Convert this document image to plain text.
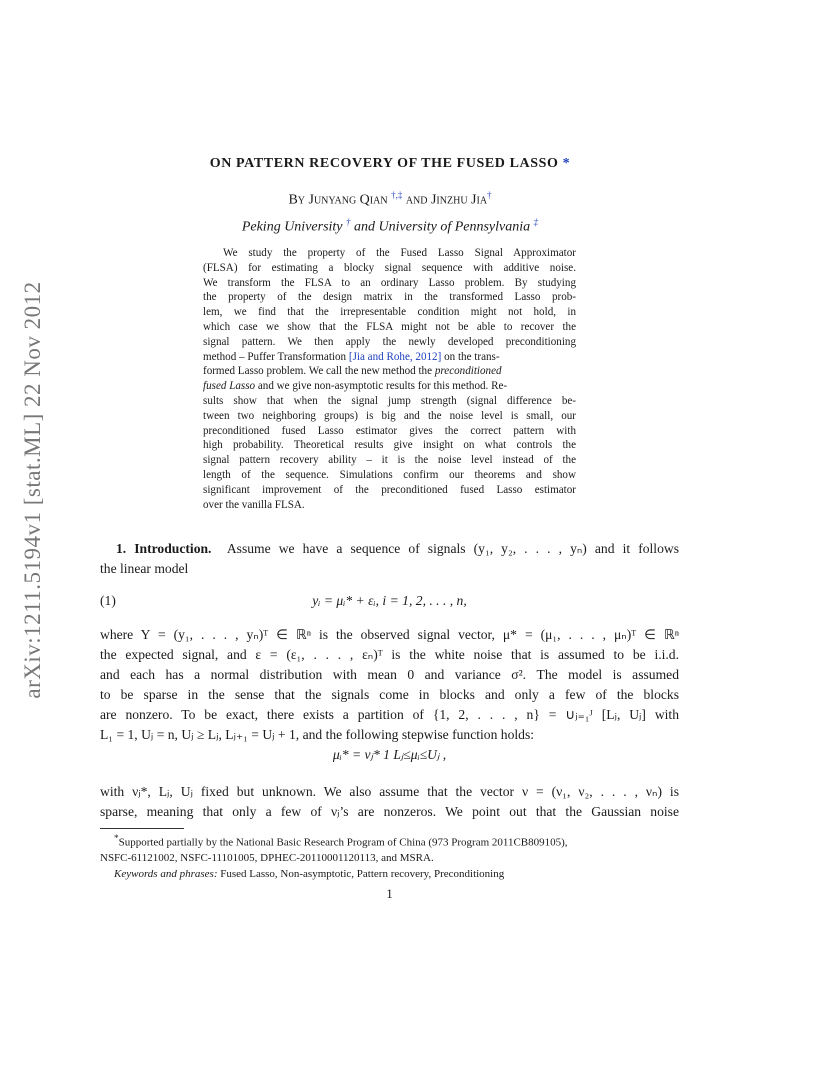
arXiv:1211.5194v1 [stat.ML] 22 Nov 2012
ON PATTERN RECOVERY OF THE FUSED LASSO *
By Junyang Qian †,‡ and Jinzhu Jia†
Peking University † and University of Pennsylvania ‡
We study the property of the Fused Lasso Signal Approximator
(FLSA) for estimating a blocky signal sequence with additive noise.
We transform the FLSA to an ordinary Lasso problem. By studying
the property of the design matrix in the transformed Lasso prob-
lem, we find that the irrepresentable condition might not hold, in
which case we show that the FLSA might not be able to recover the
signal pattern. We then apply the newly developed preconditioning
method – Puffer Transformation [Jia and Rohe, 2012] on the trans-
formed Lasso problem. We call the new method the preconditioned
fused Lasso and we give non-asymptotic results for this method. Re-
sults show that when the signal jump strength (signal difference be-
tween two neighboring groups) is big and the noise level is small, our
preconditioned fused Lasso estimator gives the correct pattern with
high probability. Theoretical results give insight on what controls the
signal pattern recovery ability – it is the noise level instead of the
length of the sequence. Simulations confirm our theorems and show
significant improvement of the preconditioned fused Lasso estimator
over the vanilla FLSA.
1. Introduction. Assume we have a sequence of signals (y₁, y₂, . . . , yₙ) and it follows
the linear model
(1)	yᵢ = μᵢ* + εᵢ, i = 1, 2, . . . , n,
where Y = (y₁, . . . , yₙ)ᵀ ∈ ℝⁿ is the observed signal vector, μ* = (μ₁, . . . , μₙ)ᵀ ∈ ℝⁿ
the expected signal, and ε = (ε₁, . . . , εₙ)ᵀ is the white noise that is assumed to be i.i.d.
and each has a normal distribution with mean 0 and variance σ². The model is assumed
to be sparse in the sense that the signals come in blocks and only a few of the blocks
are nonzero. To be exact, there exists a partition of {1, 2, . . . , n} = ∪ⱼ₌₁ᴶ [Lⱼ, Uⱼ] with
L₁ = 1, Uⱼ = n, Uⱼ ≥ Lⱼ, Lⱼ₊₁ = Uⱼ + 1, and the following stepwise function holds:
μᵢ* = νⱼ* 1 Lⱼ≤μᵢ≤Uⱼ ,
with νⱼ*, Lⱼ, Uⱼ fixed but unknown. We also assume that the vector ν = (ν₁, ν₂, . . . , νₙ) is
sparse, meaning that only a few of νⱼ’s are nonzeros. We point out that the Gaussian noise
*Supported partially by the National Basic Research Program of China (973 Program 2011CB809105),
NSFC-61121002, NSFC-11101005, DPHEC-20110001120113, and MSRA.
Keywords and phrases: Fused Lasso, Non-asymptotic, Pattern recovery, Preconditioning
1
